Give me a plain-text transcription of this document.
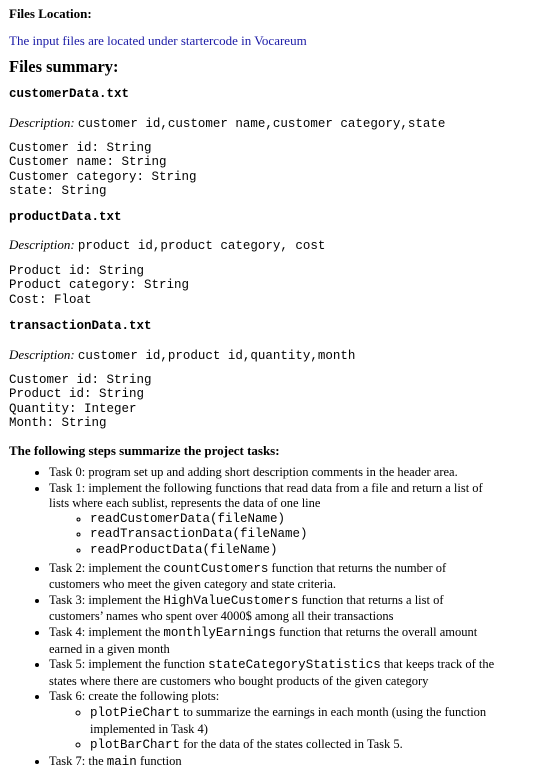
Files Location:
The input files are located under startercode in Vocareum
Files summary:
customerData.txt
Description: customer id,customer name,customer category,state
Customer id: String
Customer name: String
Customer category: String
state: String
productData.txt
Description: product id,product category, cost
Product id: String
Product category: String
Cost: Float
transactionData.txt
Description: customer id,product id,quantity,month
Customer id: String
Product id: String
Quantity: Integer
Month: String
The following steps summarize the project tasks:
• Task 0: program set up and adding short description comments in the header area.
• Task 1: implement the following functions that read data from a file and return a list of lists where each sublist, represents the data of one line
◦ readCustomerData(fileName)
◦ readTransactionData(fileName)
◦ readProductData(fileName)
• Task 2: implement the countCustomers function that returns the number of customers who meet the given category and state criteria.
• Task 3: implement the HighValueCustomers function that returns a list of customers’ names who spent over 4000$ among all their transactions
• Task 4: implement the monthlyEarnings function that returns the overall amount earned in a given month
• Task 5: implement the function stateCategoryStatistics that keeps track of the states where there are customers who bought products of the given category
• Task 6: create the following plots:
◦ plotPieChart to summarize the earnings in each month (using the function implemented in Task 4)
◦ plotBarChart for the data of the states collected in Task 5.
• Task 7: the main function
